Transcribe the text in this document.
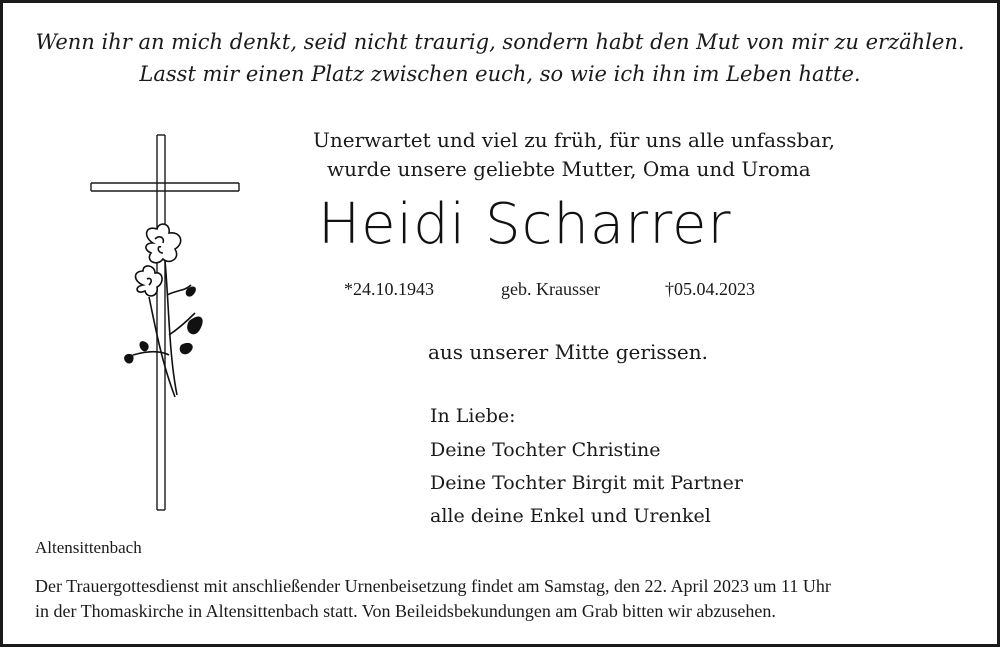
Wenn ihr an mich denkt, seid nicht traurig, sondern habt den Mut von mir zu erzählen.

Lasst mir einen Platz zwischen euch, so wie ich ihn im Leben hatte.

Unerwartet und viel zu früh, für uns alle unfassbar,

wurde unsere geliebte Mutter, Oma und Uroma

Heidi Scharrer

*24.10.1943	geb. Krausser	†05.04.2023

aus unserer Mitte gerissen.

In Liebe:

Deine Tochter Christine

Deine Tochter Birgit mit Partner

alle deine Enkel und Urenkel

Altensittenbach

Der Trauergottesdienst mit anschließender Urnenbeisetzung findet am Samstag, den 22. April 2023 um 11 Uhr

in der Thomaskirche in Altensittenbach statt. Von Beileidsbekundungen am Grab bitten wir abzusehen.
